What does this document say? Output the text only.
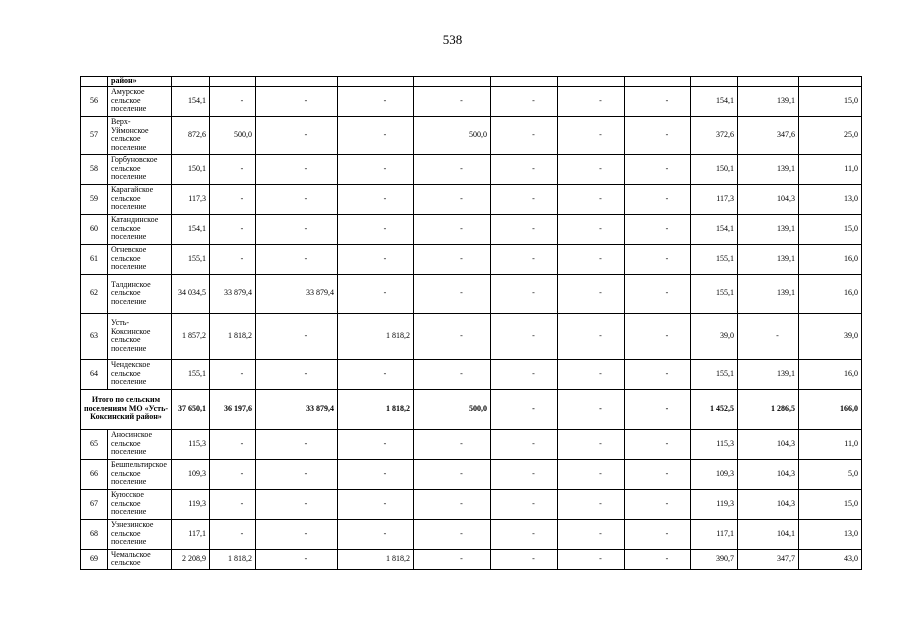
538
	район»											
56	Амурское сельское поселение	154,1	-	-	-	-	-	-	-	154,1	139,1	15,0
57	Верх-Уймонское сельское поселение	872,6	500,0	-	-	500,0	-	-	-	372,6	347,6	25,0
58	Горбуновское сельское поселение	150,1	-	-	-	-	-	-	-	150,1	139,1	11,0
59	Карагайское сельское поселение	117,3	-	-	-	-	-	-	-	117,3	104,3	13,0
60	Катандинское сельское поселение	154,1	-	-	-	-	-	-	-	154,1	139,1	15,0
61	Огневское сельское поселение	155,1	-	-	-	-	-	-	-	155,1	139,1	16,0
62	Талдинское сельское поселение	34 034,5	33 879,4	33 879,4	-	-	-	-	-	155,1	139,1	16,0
63	Усть-Коксинское сельское поселение	1 857,2	1 818,2	-	1 818,2	-	-	-	-	39,0	-	39,0
64	Чендекское сельское поселение	155,1	-	-	-	-	-	-	-	155,1	139,1	16,0
Итого по сельским поселениям МО «Усть-Коксинский район»		37 650,1	36 197,6	33 879,4	1 818,2	500,0	-	-	-	1 452,5	1 286,5	166,0
65	Аносинское сельское поселение	115,3	-	-	-	-	-	-	-	115,3	104,3	11,0
66	Бешпельтирское сельское поселение	109,3	-	-	-	-	-	-	-	109,3	104,3	5,0
67	Куюсское сельское поселение	119,3	-	-	-	-	-	-	-	119,3	104,3	15,0
68	Узнезинское сельское поселение	117,1	-	-	-	-	-	-	-	117,1	104,1	13,0
69	Чемальское сельское	2 208,9	1 818,2	-	1 818,2	-	-	-	-	390,7	347,7	43,0
